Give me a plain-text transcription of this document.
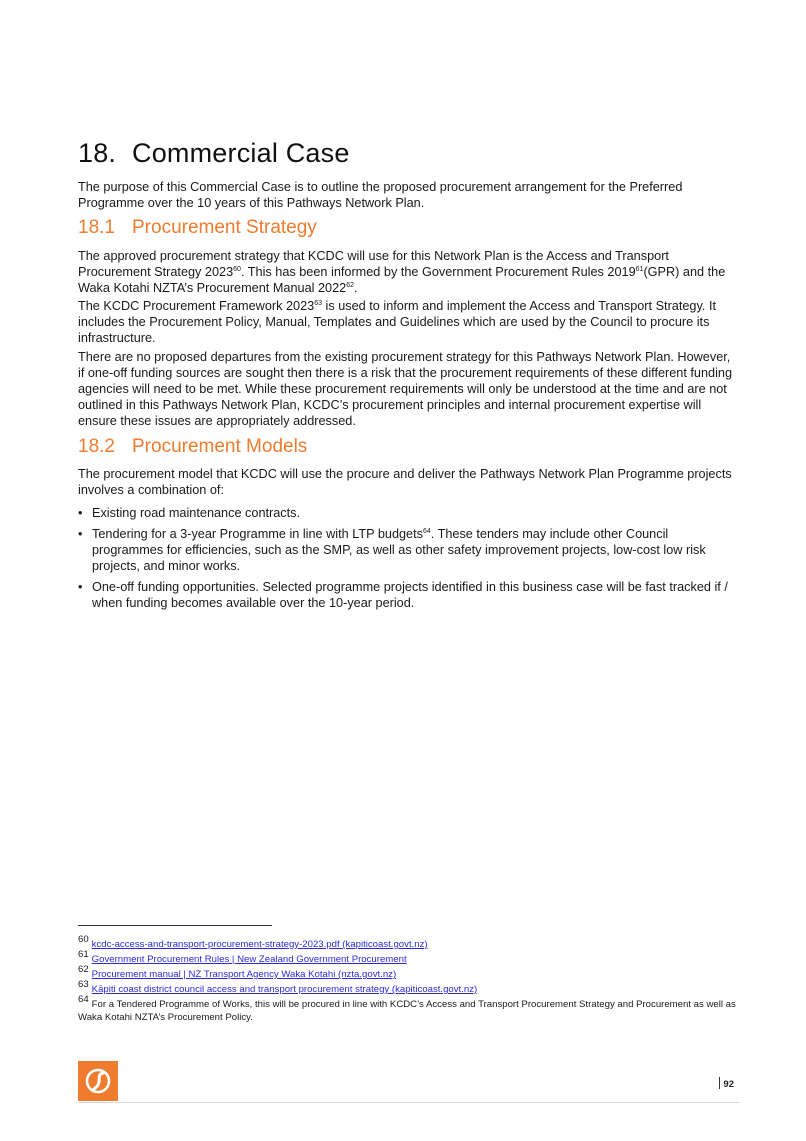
18. Commercial Case

The purpose of this Commercial Case is to outline the proposed procurement arrangement for the Preferred Programme over the 10 years of this Pathways Network Plan.

18.1 Procurement Strategy

The approved procurement strategy that KCDC will use for this Network Plan is the Access and Transport Procurement Strategy 2023$^{60}$. This has been informed by the Government Procurement Rules 2019$^{61}$(GPR) and the Waka Kotahi NZTA’s Procurement Manual 2022$^{62}$.

The KCDC Procurement Framework 2023$^{63}$ is used to inform and implement the Access and Transport Strategy. It includes the Procurement Policy, Manual, Templates and Guidelines which are used by the Council to procure its infrastructure.

There are no proposed departures from the existing procurement strategy for this Pathways Network Plan. However, if one-off funding sources are sought then there is a risk that the procurement requirements of these different funding agencies will need to be met. While these procurement requirements will only be understood at the time and are not outlined in this Pathways Network Plan, KCDC’s procurement principles and internal procurement expertise will ensure these issues are appropriately addressed.

18.2 Procurement Models

The procurement model that KCDC will use the procure and deliver the Pathways Network Plan Programme projects involves a combination of:

• Existing road maintenance contracts.
• Tendering for a 3-year Programme in line with LTP budgets$^{64}$. These tenders may include other Council programmes for efficiencies, such as the SMP, as well as other safety improvement projects, low-cost low risk projects, and minor works.
• One-off funding opportunities. Selected programme projects identified in this business case will be fast tracked if / when funding becomes available over the 10-year period.
$^{60}$ kcdc-access-and-transport-procurement-strategy-2023.pdf (kapiticoast.govt.nz)
$^{61}$ Government Procurement Rules | New Zealand Government Procurement
$^{62}$ Procurement manual | NZ Transport Agency Waka Kotahi (nzta.govt.nz)
$^{63}$ Kāpiti coast district council access and transport procurement strategy (kapiticoast.govt.nz)
$^{64}$ For a Tendered Programme of Works, this will be procured in line with KCDC’s Access and Transport Procurement Strategy and Procurement as well as Waka Kotahi NZTA’s Procurement Policy.
92
